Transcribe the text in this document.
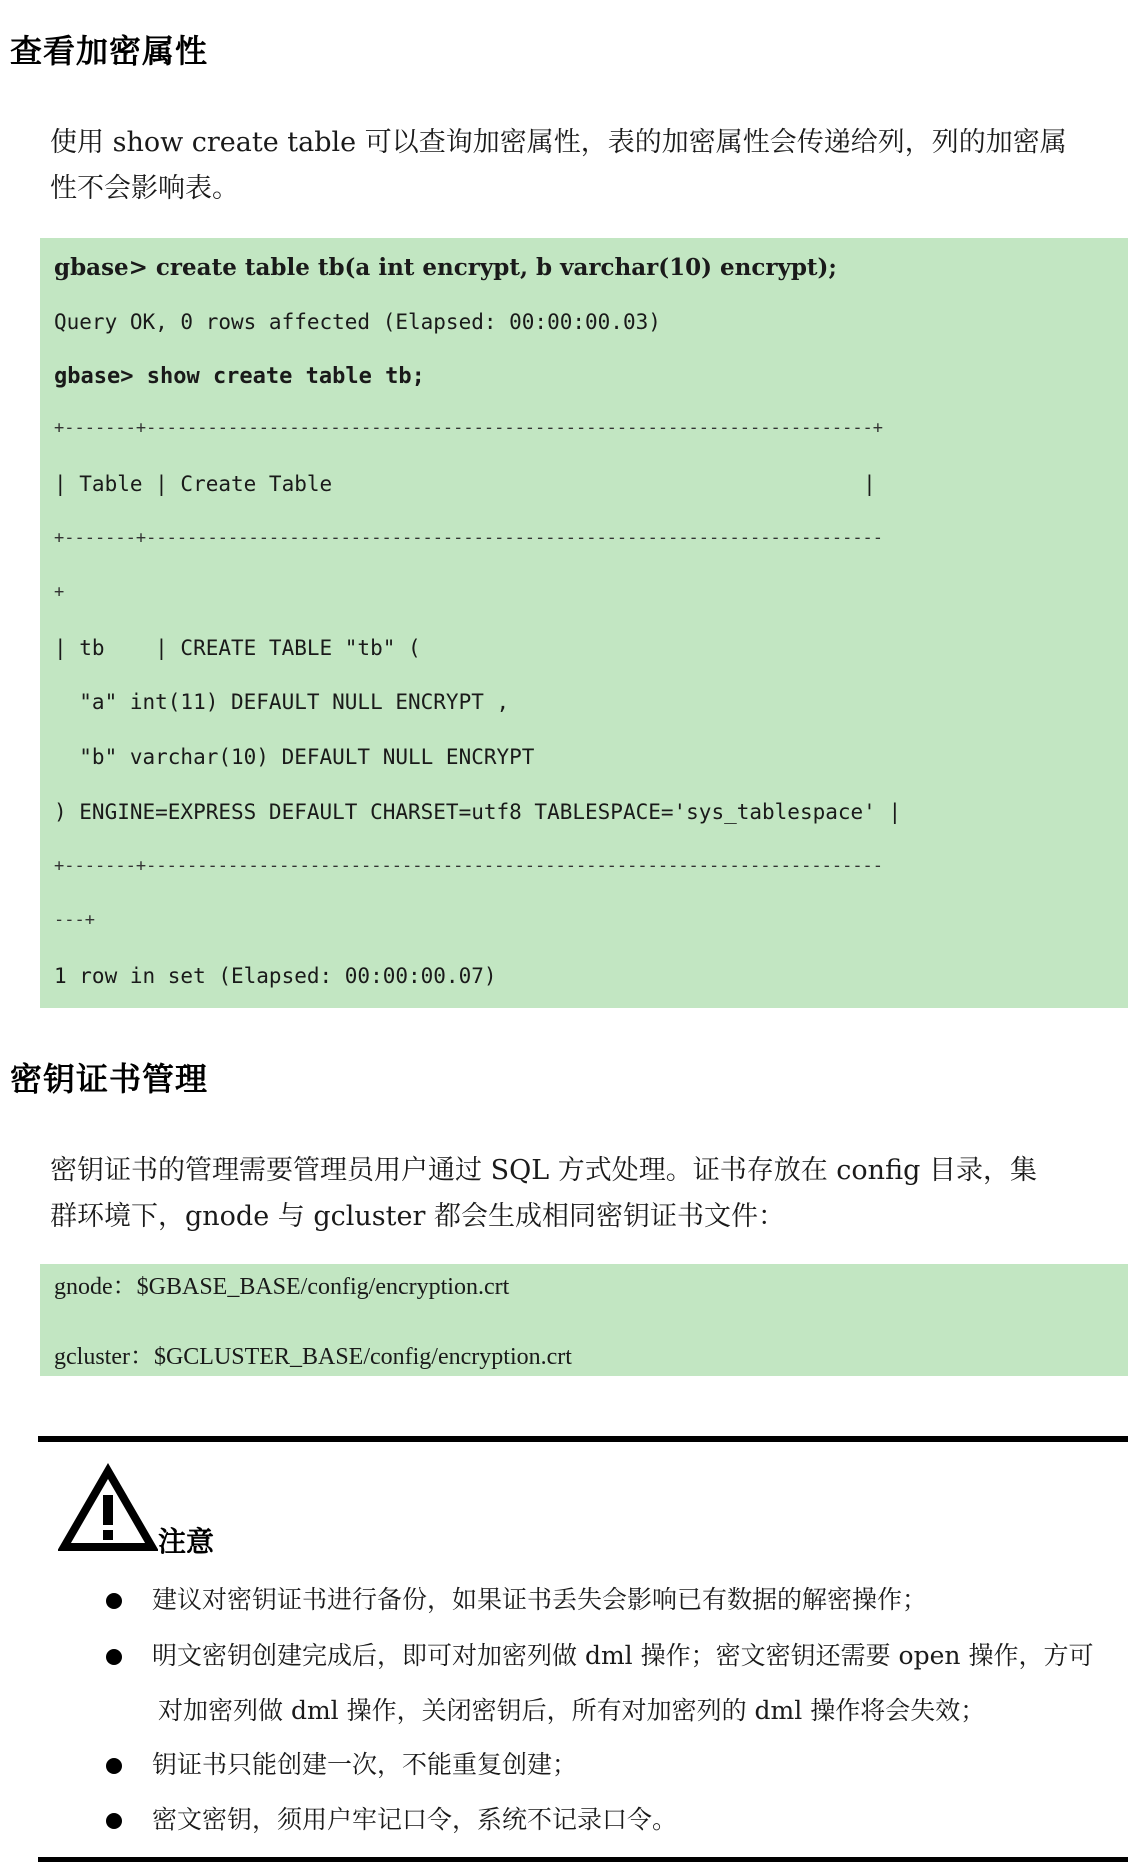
查看加密属性

使用 show create table 可以查询加密属性，表的加密属性会传递给列，列的加密属

性不会影响表。

gbase> create table tb(a int encrypt, b varchar(10) encrypt);
Query OK, 0 rows affected (Elapsed: 00:00:00.03)
gbase> show create table tb;
+-------+-----------------------------------------------------------------------+
| Table | Create Table                                          |
+-------+------------------------------------------------------------------------
+
| tb    | CREATE TABLE "tb" (
"a" int(11) DEFAULT NULL ENCRYPT ,
"b" varchar(10) DEFAULT NULL ENCRYPT
) ENGINE=EXPRESS DEFAULT CHARSET=utf8 TABLESPACE='sys_tablespace' |
+-------+------------------------------------------------------------------------
---+
1 row in set (Elapsed: 00:00:00.07)
密钥证书管理

密钥证书的管理需要管理员用户通过 SQL 方式处理。证书存放在 config 目录，集

群环境下，gnode 与 gcluster 都会生成相同密钥证书文件：

gnode：$GBASE_BASE/config/encryption.crt
gcluster：$GCLUSTER_BASE/config/encryption.crt
注意
建议对密钥证书进行备份，如果证书丢失会影响已有数据的解密操作；
明文密钥创建完成后，即可对加密列做 dml 操作；密文密钥还需要 open 操作，方可
对加密列做 dml 操作，关闭密钥后，所有对加密列的 dml 操作将会失效；
钥证书只能创建一次，不能重复创建；
密文密钥，须用户牢记口令，系统不记录口令。
